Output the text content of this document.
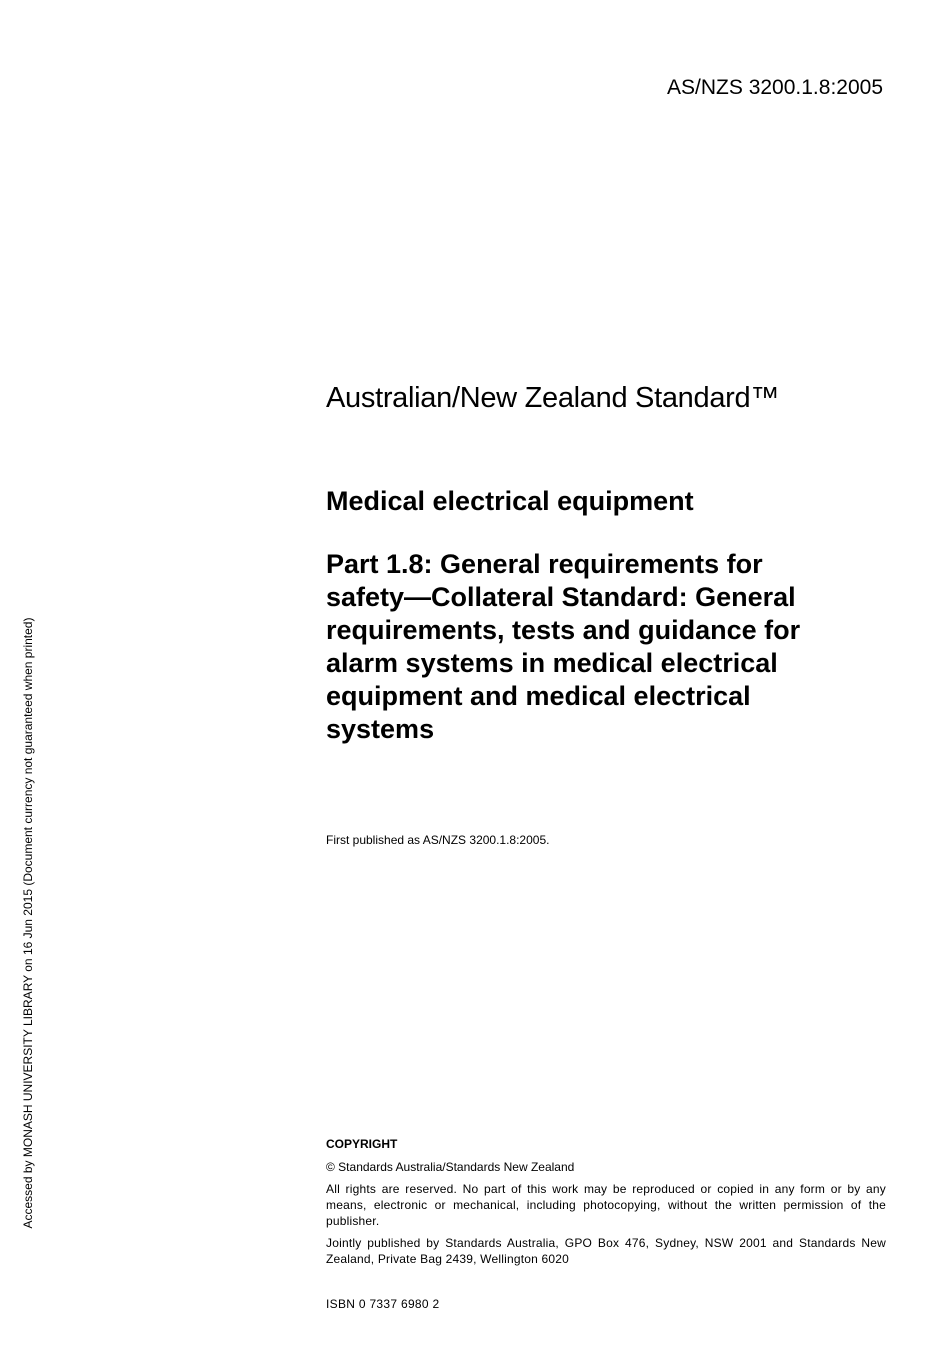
AS/NZS 3200.1.8:2005
Accessed by MONASH UNIVERSITY LIBRARY on 16 Jun 2015 (Document currency not guaranteed when printed)
Australian/New Zealand Standard™
Medical electrical equipment
Part 1.8: General requirements for
safety—Collateral Standard: General
requirements, tests and guidance for
alarm systems in medical electrical
equipment and medical electrical
systems
First published as AS/NZS 3200.1.8:2005.
COPYRIGHT
© Standards Australia/Standards New Zealand

All rights are reserved. No part of this work may be reproduced or copied in any form or by any means, electronic or mechanical, including photocopying, without the written permission of the publisher.

Jointly published by Standards Australia, GPO Box 476, Sydney, NSW 2001 and Standards New Zealand, Private Bag 2439, Wellington 6020

ISBN 0 7337 6980 2
